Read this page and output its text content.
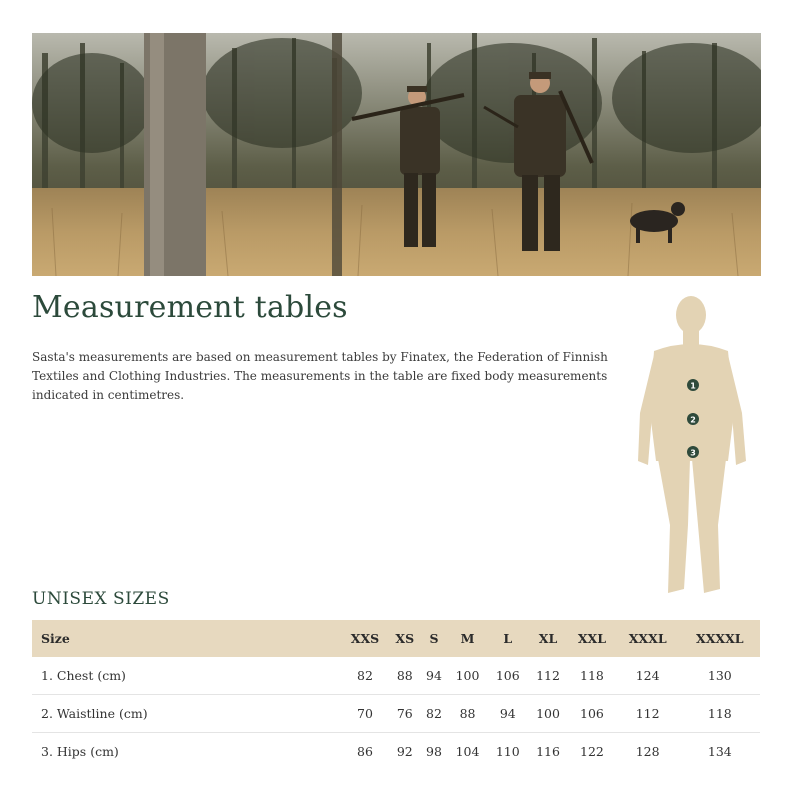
Measurement tables

Sasta's measurements are based on measurement tables by Finatex, the Federation of Finnish Textiles and Clothing Industries. The measurements in the table are fixed body measurements indicated in centimetres.

1
2
3
UNISEX SIZES
Size	XXS	XS	S	M	L	XL	XXL	XXXL	XXXXL
1. Chest (cm)	82	88	94	100	106	112	118	124	130
2. Waistline (cm)	70	76	82	88	94	100	106	112	118
3. Hips (cm)	86	92	98	104	110	116	122	128	134
